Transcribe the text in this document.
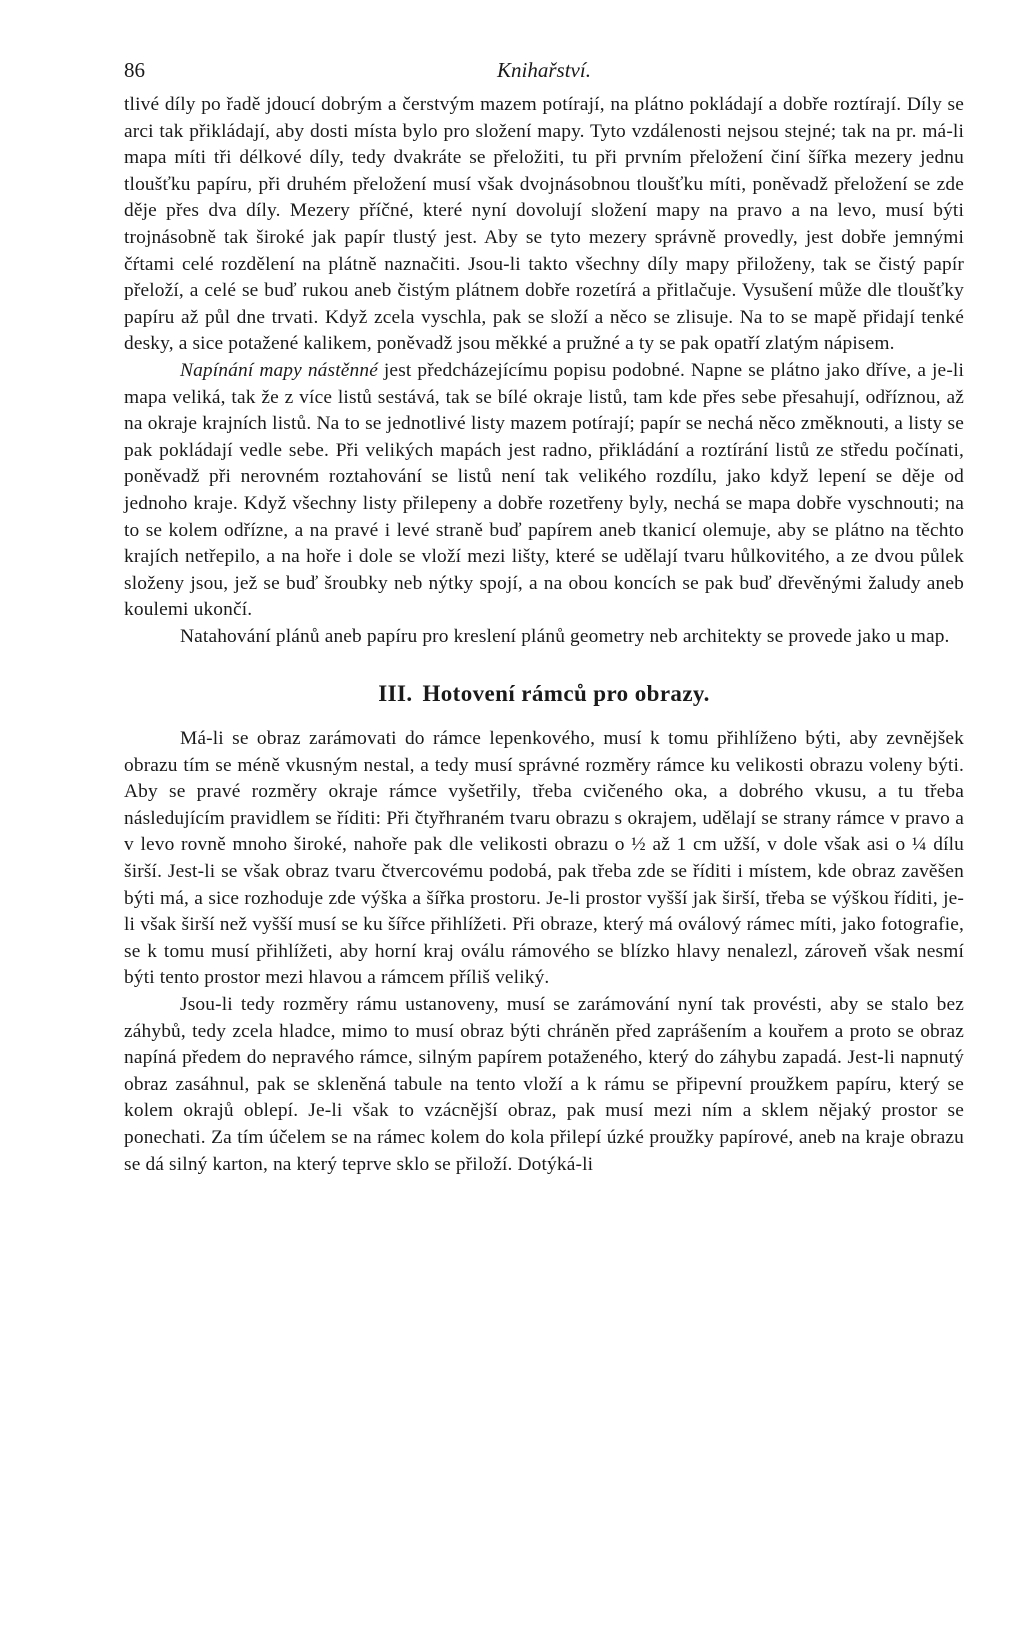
86	Knihařství.

tlivé díly po řadě jdoucí dobrým a čerstvým mazem potírají, na plátno pokládají a dobře roztírají. Díly se arci tak přikládají, aby dosti místa bylo pro složení mapy. Tyto vzdálenosti nejsou stejné; tak na pr. má-li mapa míti tři délkové díly, tedy dvakráte se přeložiti, tu při prvním přeložení činí šířka mezery jednu tloušťku papíru, při druhém přeložení musí však dvojnásobnou tloušťku míti, poněvadž přeložení se zde děje přes dva díly. Mezery příčné, které nyní dovolují složení mapy na pravo a na levo, musí býti trojnásobně tak široké jak papír tlustý jest. Aby se tyto mezery správně provedly, jest dobře jemnými čŕtami celé rozdělení na plátně naznačiti. Jsou-li takto všechny díly mapy přiloženy, tak se čistý papír přeloží, a celé se buď rukou aneb čistým plátnem dobře rozetírá a přitlačuje. Vysušení může dle tloušťky papíru až půl dne trvati. Když zcela vyschla, pak se složí a něco se zlisuje. Na to se mapě přidají tenké desky, a sice potažené kalikem, poněvadž jsou měkké a pružné a ty se pak opatří zlatým nápisem.

Napínání mapy nástěnné jest předcházejícímu popisu podobné. Napne se plátno jako dříve, a je-li mapa veliká, tak že z více listů sestává, tak se bílé okraje listů, tam kde přes sebe přesahují, odříznou, až na okraje krajních listů. Na to se jednotlivé listy mazem potírají; papír se nechá něco změknouti, a listy se pak pokládají vedle sebe. Při velikých mapách jest radno, přikládání a roztírání listů ze středu počínati, poněvadž při nerovném roztahování se listů není tak velikého rozdílu, jako když lepení se děje od jednoho kraje. Když všechny listy přilepeny a dobře rozetřeny byly, nechá se mapa dobře vyschnouti; na to se kolem odřízne, a na pravé i levé straně buď papírem aneb tkanicí olemuje, aby se plátno na těchto krajích netřepilo, a na hoře i dole se vloží mezi lišty, které se udělají tvaru hůlkovitého, a ze dvou půlek složeny jsou, jež se buď šroubky neb nýtky spojí, a na obou koncích se pak buď dřevěnými žaludy aneb koulemi ukončí.

Natahování plánů aneb papíru pro kreslení plánů geometry neb architekty se provede jako u map.

III. Hotovení rámců pro obrazy.

Má-li se obraz zarámovati do rámce lepenkového, musí k tomu přihlíženo býti, aby zevnějšek obrazu tím se méně vkusným nestal, a tedy musí správné rozměry rámce ku velikosti obrazu voleny býti. Aby se pravé rozměry okraje rámce vyšetřily, třeba cvičeného oka, a dobrého vkusu, a tu třeba následujícím pravidlem se říditi: Při čtyřhraném tvaru obrazu s okrajem, udělají se strany rámce v pravo a v levo rovně mnoho široké, nahoře pak dle velikosti obrazu o ½ až 1 cm užší, v dole však asi o ¼ dílu širší. Jest-li se však obraz tvaru čtvercovému podobá, pak třeba zde se říditi i místem, kde obraz zavěšen býti má, a sice rozhoduje zde výška a šířka prostoru. Je-li prostor vyšší jak širší, třeba se výškou říditi, je-li však širší než vyšší musí se ku šířce přihlížeti. Při obraze, který má oválový rámec míti, jako fotografie, se k tomu musí přihlížeti, aby horní kraj oválu rámového se blízko hlavy nenalezl, zároveň však nesmí býti tento prostor mezi hlavou a rámcem příliš veliký.

Jsou-li tedy rozměry rámu ustanoveny, musí se zarámování nyní tak provésti, aby se stalo bez záhybů, tedy zcela hladce, mimo to musí obraz býti chráněn před zaprášením a kouřem a proto se obraz napíná předem do nepravého rámce, silným papírem potaženého, který do záhybu zapadá. Jest-li napnutý obraz zasáhnul, pak se skleněná tabule na tento vloží a k rámu se připevní proužkem papíru, který se kolem okrajů oblepí. Je-li však to vzácnější obraz, pak musí mezi ním a sklem nějaký prostor se ponechati. Za tím účelem se na rámec kolem do kola přilepí úzké proužky papírové, aneb na kraje obrazu se dá silný karton, na který teprve sklo se přiloží. Dotýká-li
